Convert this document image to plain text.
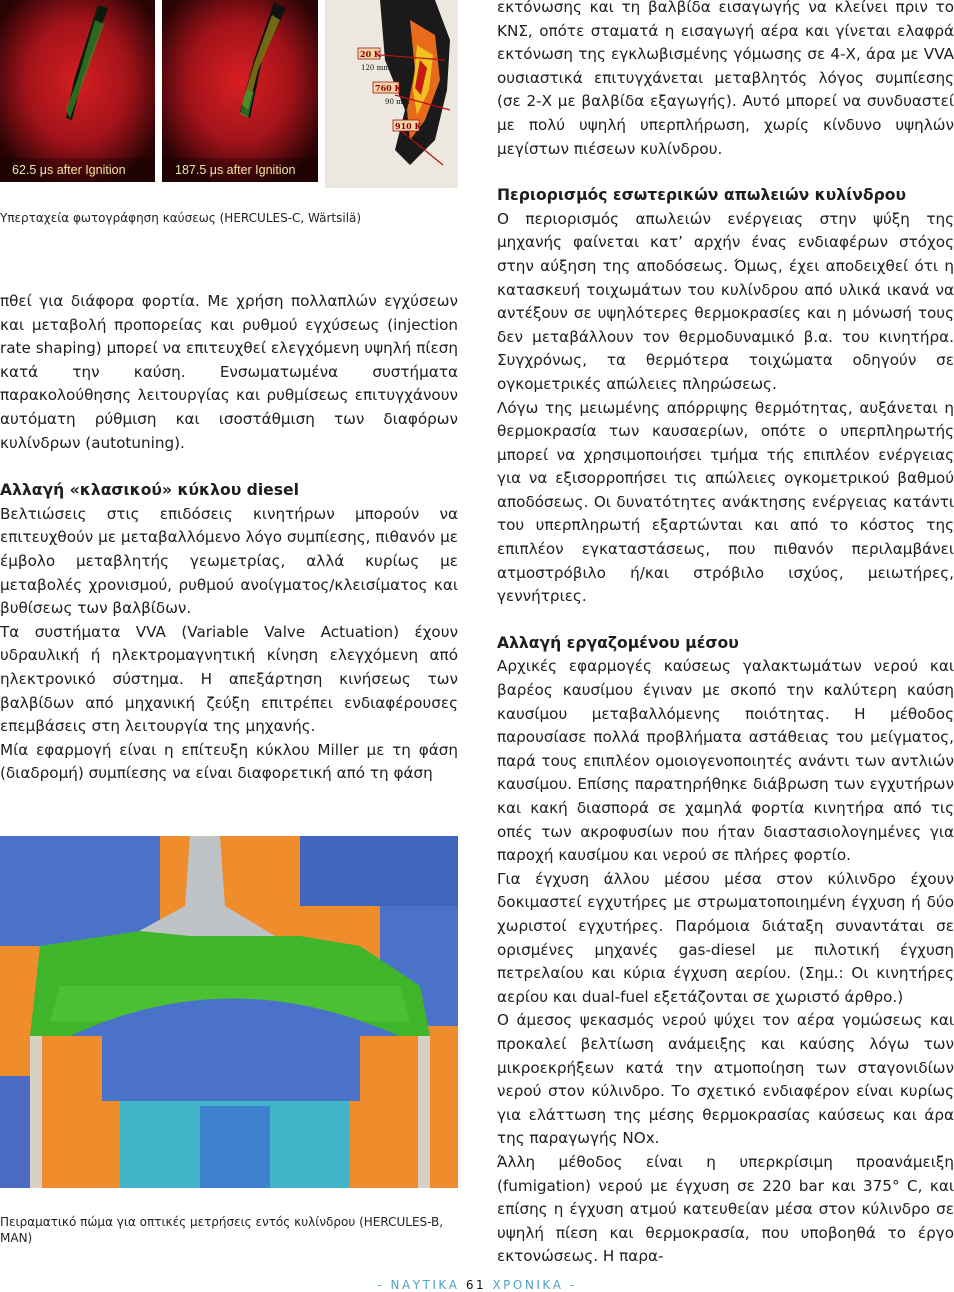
62.5 μs after Ignition	187.5 μs after Ignition
20 K
120 mm
760 K
90 mm
910 K
25 mm

Υπερταχεία φωτογράφηση καύσεως (HERCULES-C, Wärtsilä)

πθεί για διάφορα φορτία. Με χρήση πολλαπλών εγχύσεων και μεταβολή προπορείας και ρυθμού εγχύσεως (injection rate shaping) μπορεί να επιτευχθεί ελεγχόμενη υψηλή πίεση κατά την καύση. Ενσωματωμένα συστήματα παρακολούθησης λειτουργίας και ρυθμίσεως επιτυγχάνουν αυτόματη ρύθμιση και ισοστάθμιση των διαφόρων κυλίνδρων (autotuning).

Αλλαγή «κλασικού» κύκλου diesel

Βελτιώσεις στις επιδόσεις κινητήρων μπορούν να επιτευχθούν με μεταβαλλόμενο λόγο συμπίεσης, πιθανόν με έμβολο μεταβλητής γεωμετρίας, αλλά κυρίως με μεταβολές χρονισμού, ρυθμού ανοίγματος/κλεισίματος και βυθίσεως των βαλβίδων.

Τα συστήματα VVA (Variable Valve Actuation) έχουν υδραυλική ή ηλεκτρομαγνητική κίνηση ελεγχόμενη από ηλεκτρονικό σύστημα. Η απεξάρτηση κινήσεως των βαλβίδων από μηχανική ζεύξη επιτρέπει ενδιαφέρουσες επεμβάσεις στη λειτουργία της μηχανής.

Μία εφαρμογή είναι η επίτευξη κύκλου Miller με τη φάση (διαδρομή) συμπίεσης να είναι διαφορετική από τη φάση

Πειραματικό πώμα για οπτικές μετρήσεις εντός κυλίνδρου (HERCULES-B, MAN)

εκτόνωσης και τη βαλβίδα εισαγωγής να κλείνει πριν το ΚΝΣ, οπότε σταματά η εισαγωγή αέρα και γίνεται ελαφρά εκτόνωση της εγκλωβισμένης γόμωσης σε 4-Χ, άρα με VVA ουσιαστικά επιτυγχάνεται μεταβλητός λόγος συμπίεσης (σε 2-Χ με βαλβίδα εξαγωγής). Αυτό μπορεί να συνδυαστεί με πολύ υψηλή υπερπλήρωση, χωρίς κίνδυνο υψηλών μεγίστων πιέσεων κυλίνδρου.

Περιορισμός εσωτερικών απωλειών κυλίνδρου

Ο περιορισμός απωλειών ενέργειας στην ψύξη της μηχανής φαίνεται κατ’ αρχήν ένας ενδιαφέρων στόχος στην αύξηση της αποδόσεως. Όμως, έχει αποδειχθεί ότι η κατασκευή τοιχωμάτων του κυλίνδρου από υλικά ικανά να αντέξουν σε υψηλότερες θερμοκρασίες και η μόνωσή τους δεν μεταβάλλουν τον θερμοδυναμικό β.α. του κινητήρα. Συγχρόνως, τα θερμότερα τοιχώματα οδηγούν σε ογκομετρικές απώλειες πληρώσεως.

Λόγω της μειωμένης απόρριψης θερμότητας, αυξάνεται η θερμοκρασία των καυσαερίων, οπότε ο υπερπληρωτής μπορεί να χρησιμοποιήσει τμήμα τής επιπλέον ενέργειας για να εξισορροπήσει τις απώλειες ογκομετρικού βαθμού αποδόσεως. Οι δυνατότητες ανάκτησης ενέργειας κατάντι του υπερπληρωτή εξαρτώνται και από το κόστος της επιπλέον εγκαταστάσεως, που πιθανόν περιλαμβάνει ατμοστρόβιλο ή/και στρόβιλο ισχύος, μειωτήρες, γεννήτριες.

Αλλαγή εργαζομένου μέσου

Αρχικές εφαρμογές καύσεως γαλακτωμάτων νερού και βαρέος καυσίμου έγιναν με σκοπό την καλύτερη καύση καυσίμου μεταβαλλόμενης ποιότητας. Η μέθοδος παρουσίασε πολλά προβλήματα αστάθειας του μείγματος, παρά τους επιπλέον ομοιογενοποιητές ανάντι των αντλιών καυσίμου. Επίσης παρατηρήθηκε διάβρωση των εγχυτήρων και κακή διασπορά σε χαμηλά φορτία κινητήρα από τις οπές των ακροφυσίων που ήταν διαστασιολογημένες για παροχή καυσίμου και νερού σε πλήρες φορτίο.

Για έγχυση άλλου μέσου μέσα στον κύλινδρο έχουν δοκιμαστεί εγχυτήρες με στρωματοποιημένη έγχυση ή δύο χωριστοί εγχυτήρες. Παρόμοια διάταξη συναντάται σε ορισμένες μηχανές gas-diesel με πιλοτική έγχυση πετρελαίου και κύρια έγχυση αερίου. (Σημ.: Οι κινητήρες αερίου και dual-fuel εξετάζονται σε χωριστό άρθρο.)

Ο άμεσος ψεκασμός νερού ψύχει τον αέρα γομώσεως και προκαλεί βελτίωση ανάμειξης και καύσης λόγω των μικροεκρήξεων κατά την ατμοποίηση των σταγονιδίων νερού στον κύλινδρο. Το σχετικό ενδιαφέρον είναι κυρίως για ελάττωση της μέσης θερμοκρασίας καύσεως και άρα της παραγωγής NOx.

Άλλη μέθοδος είναι η υπερκρίσιμη προανάμειξη (fumigation) νερού με έγχυση σε 220 bar και 375° C, και επίσης η έγχυση ατμού κατευθείαν μέσα στον κύλινδρο σε υψηλή πίεση και θερμοκρασία, που υποβοηθά το έργο εκτονώσεως. Η παρα-

- ΝΑΥΤΙΚΑ 61 ΧΡΟΝΙΚΑ -
